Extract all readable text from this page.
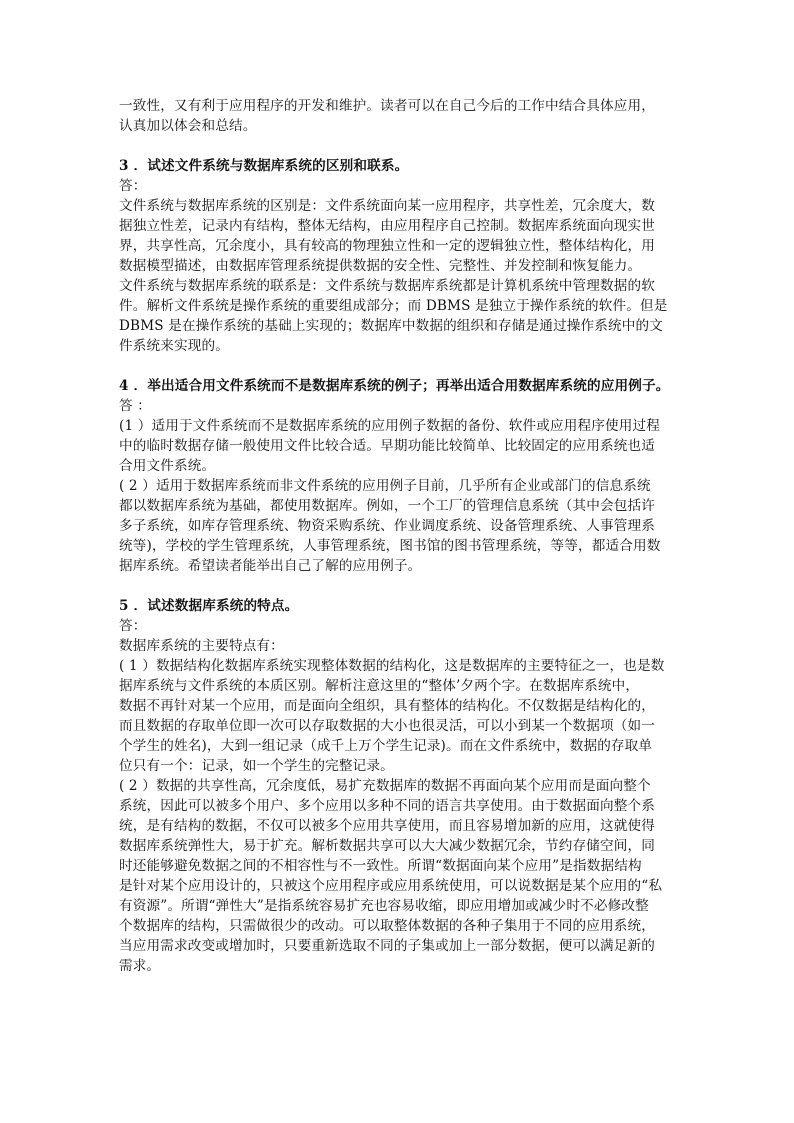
一致性，又有利于应用程序的开发和维护。读者可以在自己今后的工作中结合具体应用，
认真加以体会和总结。
3 ．试述文件系统与数据库系统的区别和联系。
答：
文件系统与数据库系统的区别是：文件系统面向某一应用程序，共享性差，冗余度大，数
据独立性差，记录内有结构，整体无结构，由应用程序自己控制。数据库系统面向现实世
界，共享性高，冗余度小，具有较高的物理独立性和一定的逻辑独立性，整体结构化，用
数据模型描述，由数据库管理系统提供数据的安全性、完整性、并发控制和恢复能力。
文件系统与数据库系统的联系是：文件系统与数据库系统都是计算机系统中管理数据的软
件。解析文件系统是操作系统的重要组成部分；而 DBMS 是独立于操作系统的软件。但是
DBMS 是在操作系统的基础上实现的；数据库中数据的组织和存储是通过操作系统中的文
件系统来实现的。
4 ．举出适合用文件系统而不是数据库系统的例子；再举出适合用数据库系统的应用例子。
答 ：
(1 ）适用于文件系统而不是数据库系统的应用例子数据的备份、软件或应用程序使用过程
中的临时数据存储一般使用文件比较合适。早期功能比较简单、比较固定的应用系统也适
合用文件系统。
( 2 ）适用于数据库系统而非文件系统的应用例子目前，几乎所有企业或部门的信息系统
都以数据库系统为基础，都使用数据库。例如，一个工厂的管理信息系统（其中会包括许
多子系统，如库存管理系统、物资采购系统、作业调度系统、设备管理系统、人事管理系
统等)，学校的学生管理系统，人事管理系统，图书馆的图书管理系统，等等，都适合用数
据库系统。希望读者能举出自己了解的应用例子。
5 ．试述数据库系统的特点。
答：
数据库系统的主要特点有：
( 1 ）数据结构化数据库系统实现整体数据的结构化，这是数据库的主要特征之一，也是数
据库系统与文件系统的本质区别。解析注意这里的“整体’夕两个字。在数据库系统中，
数据不再针对某一个应用，而是面向全组织，具有整体的结构化。不仅数据是结构化的，
而且数据的存取单位即一次可以存取数据的大小也很灵活，可以小到某一个数据项（如一
个学生的姓名)，大到一组记录（成千上万个学生记录)。而在文件系统中，数据的存取单
位只有一个：记录，如一个学生的完整记录。
( 2 ）数据的共享性高，冗余度低，易扩充数据库的数据不再面向某个应用而是面向整个
系统，因此可以被多个用户、多个应用以多种不同的语言共享使用。由于数据面向整个系
统，是有结构的数据，不仅可以被多个应用共享使用，而且容易增加新的应用，这就使得
数据库系统弹性大，易于扩充。解析数据共享可以大大减少数据冗余，节约存储空间，同
时还能够避免数据之间的不相容性与不一致性。所谓“数据面向某个应用”是指数据结构
是针对某个应用设计的，只被这个应用程序或应用系统使用，可以说数据是某个应用的“私
有资源”。所谓“弹性大”是指系统容易扩充也容易收缩，即应用增加或减少时不必修改整
个数据库的结构，只需做很少的改动。可以取整体数据的各种子集用于不同的应用系统，
当应用需求改变或增加时，只要重新选取不同的子集或加上一部分数据，便可以满足新的
需求。
